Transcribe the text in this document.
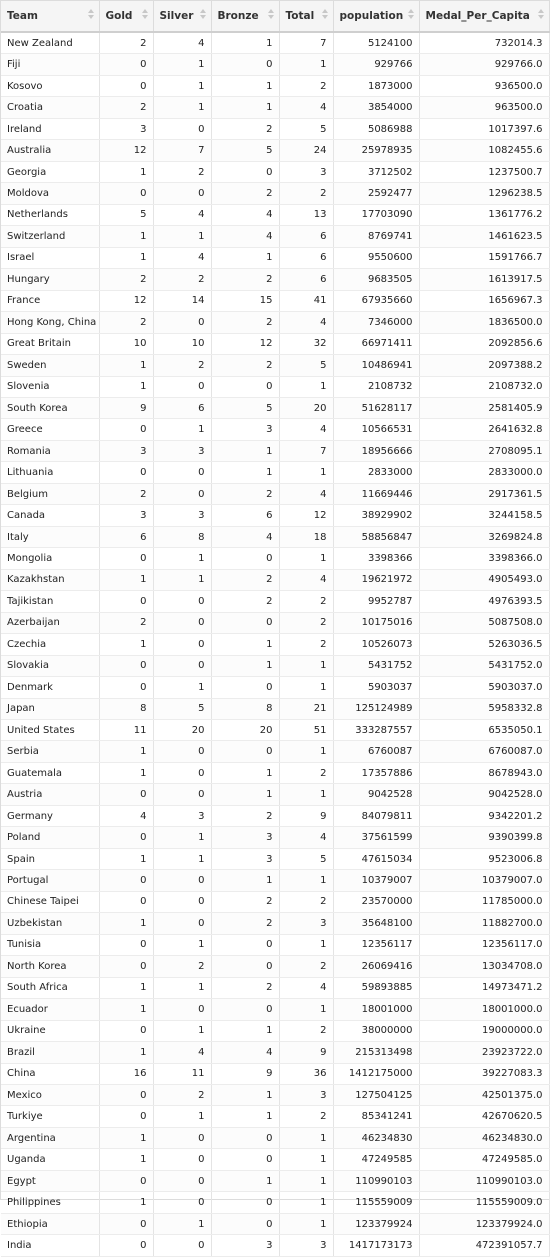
Team	Gold	Silver	Bronze	Total	population	Medal_Per_Capita

New Zealand	2	4	1	7	5124100	732014.3
Fiji	0	1	0	1	929766	929766.0
Kosovo	0	1	1	2	1873000	936500.0
Croatia	2	1	1	4	3854000	963500.0
Ireland	3	0	2	5	5086988	1017397.6
Australia	12	7	5	24	25978935	1082455.6
Georgia	1	2	0	3	3712502	1237500.7
Moldova	0	0	2	2	2592477	1296238.5
Netherlands	5	4	4	13	17703090	1361776.2
Switzerland	1	1	4	6	8769741	1461623.5
Israel	1	4	1	6	9550600	1591766.7
Hungary	2	2	2	6	9683505	1613917.5
France	12	14	15	41	67935660	1656967.3
Hong Kong, China	2	0	2	4	7346000	1836500.0
Great Britain	10	10	12	32	66971411	2092856.6
Sweden	1	2	2	5	10486941	2097388.2
Slovenia	1	0	0	1	2108732	2108732.0
South Korea	9	6	5	20	51628117	2581405.9
Greece	0	1	3	4	10566531	2641632.8
Romania	3	3	1	7	18956666	2708095.1
Lithuania	0	0	1	1	2833000	2833000.0
Belgium	2	0	2	4	11669446	2917361.5
Canada	3	3	6	12	38929902	3244158.5
Italy	6	8	4	18	58856847	3269824.8
Mongolia	0	1	0	1	3398366	3398366.0
Kazakhstan	1	1	2	4	19621972	4905493.0
Tajikistan	0	0	2	2	9952787	4976393.5
Azerbaijan	2	0	0	2	10175016	5087508.0
Czechia	1	0	1	2	10526073	5263036.5
Slovakia	0	0	1	1	5431752	5431752.0
Denmark	0	1	0	1	5903037	5903037.0
Japan	8	5	8	21	125124989	5958332.8
United States	11	20	20	51	333287557	6535050.1
Serbia	1	0	0	1	6760087	6760087.0
Guatemala	1	0	1	2	17357886	8678943.0
Austria	0	0	1	1	9042528	9042528.0
Germany	4	3	2	9	84079811	9342201.2
Poland	0	1	3	4	37561599	9390399.8
Spain	1	1	3	5	47615034	9523006.8
Portugal	0	0	1	1	10379007	10379007.0
Chinese Taipei	0	0	2	2	23570000	11785000.0
Uzbekistan	1	0	2	3	35648100	11882700.0
Tunisia	0	1	0	1	12356117	12356117.0
North Korea	0	2	0	2	26069416	13034708.0
South Africa	1	1	2	4	59893885	14973471.2
Ecuador	1	0	0	1	18001000	18001000.0
Ukraine	0	1	1	2	38000000	19000000.0
Brazil	1	4	4	9	215313498	23923722.0
China	16	11	9	36	1412175000	39227083.3
Mexico	0	2	1	3	127504125	42501375.0
Turkiye	0	1	1	2	85341241	42670620.5
Argentina	1	0	0	1	46234830	46234830.0
Uganda	1	0	0	1	47249585	47249585.0
Egypt	0	0	1	1	110990103	110990103.0
Philippines	1	0	0	1	115559009	115559009.0
Ethiopia	0	1	0	1	123379924	123379924.0
India	0	0	3	3	1417173173	472391057.7
